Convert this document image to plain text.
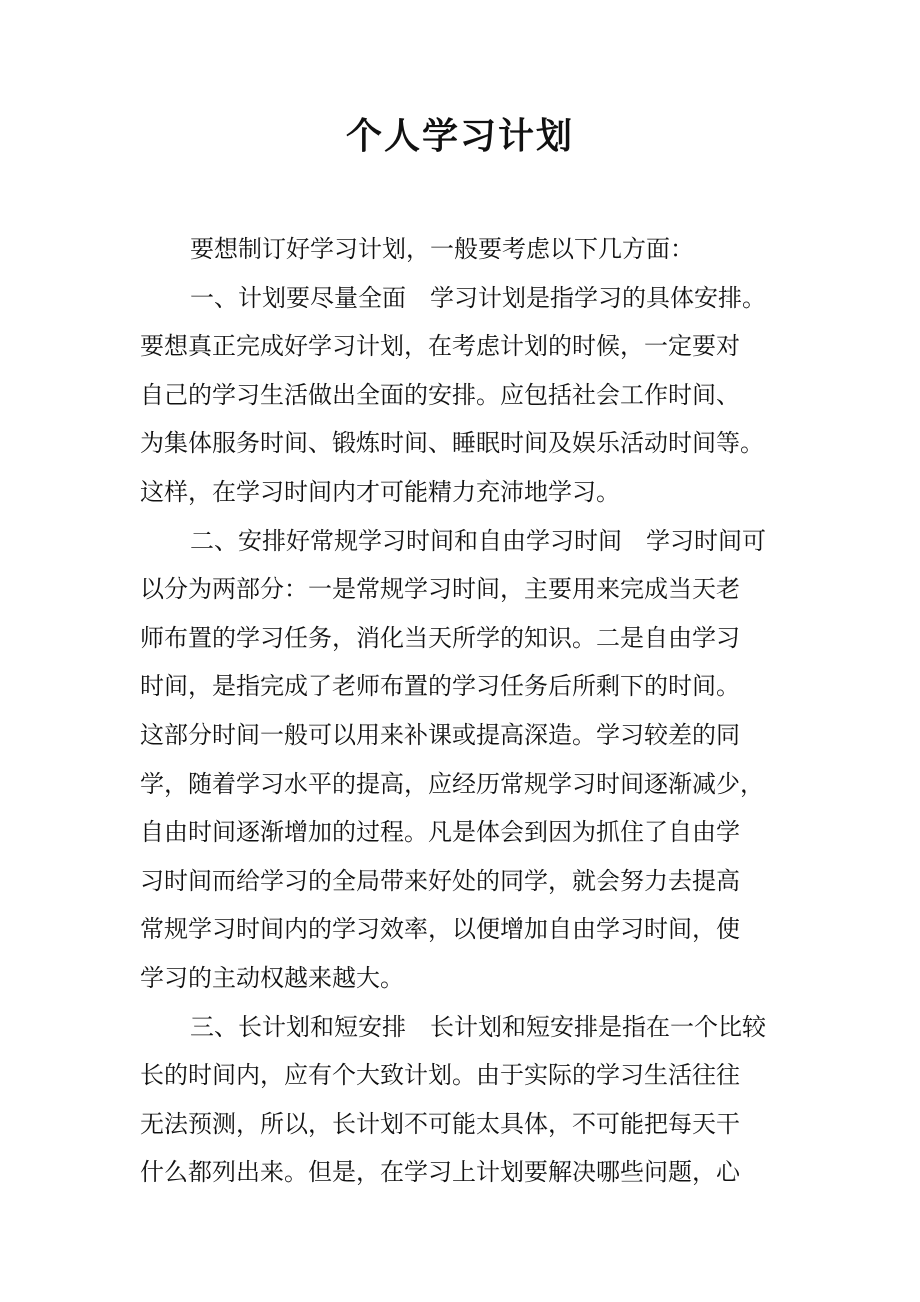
个人学习计划
要想制订好学习计划，一般要考虑以下几方面：
一、计划要尽量全面　学习计划是指学习的具体安排。
要想真正完成好学习计划，在考虑计划的时候，一定要对
自己的学习生活做出全面的安排。应包括社会工作时间、
为集体服务时间、锻炼时间、睡眠时间及娱乐活动时间等。
这样，在学习时间内才可能精力充沛地学习。
二、安排好常规学习时间和自由学习时间　学习时间可
以分为两部分：一是常规学习时间，主要用来完成当天老
师布置的学习任务，消化当天所学的知识。二是自由学习
时间，是指完成了老师布置的学习任务后所剩下的时间。
这部分时间一般可以用来补课或提高深造。学习较差的同
学，随着学习水平的提高，应经历常规学习时间逐渐减少，
自由时间逐渐增加的过程。凡是体会到因为抓住了自由学
习时间而给学习的全局带来好处的同学，就会努力去提高
常规学习时间内的学习效率，以便增加自由学习时间，使
学习的主动权越来越大。
三、长计划和短安排　长计划和短安排是指在一个比较
长的时间内，应有个大致计划。由于实际的学习生活往往
无法预测，所以，长计划不可能太具体，不可能把每天干
什么都列出来。但是，在学习上计划要解决哪些问题，心
